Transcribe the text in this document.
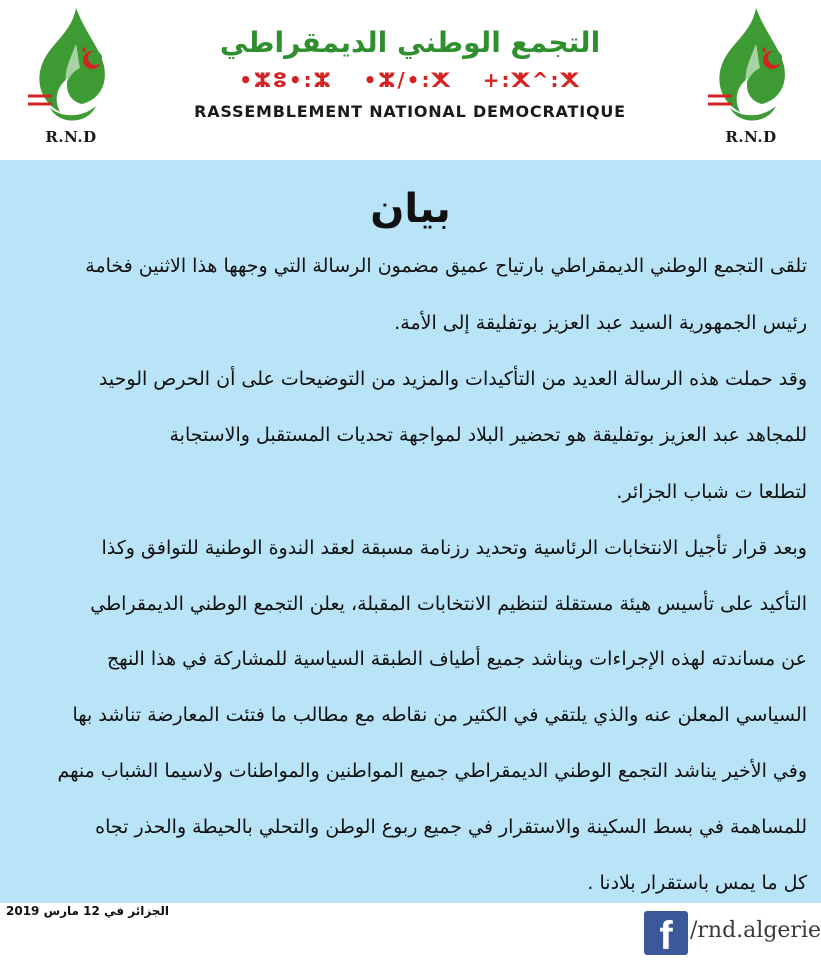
R.N.D	R.N.D
التجمع الوطني الديمقراطي
•ⵣⵓ•:ⵣ •ⵣ/•:ⵅ +:ⵅ^:ⵅ
RASSEMBLEMENT NATIONAL DEMOCRATIQUE
بيان
تلقى التجمع الوطني الديمقراطي بارتياح عميق مضمون الرسالة التي وجهها هذا الاثنين فخامة
رئيس الجمهورية السيد عبد العزيز بوتفليقة إلى الأمة.
وقد حملت هذه الرسالة العديد من التأكيدات والمزيد من التوضيحات على أن الحرص الوحيد
للمجاهد عبد العزيز بوتفليقة هو تحضير البلاد لمواجهة تحديات المستقبل والاستجابة
لتطلعا ت شباب الجزائر.
وبعد قرار تأجيل الانتخابات الرئاسية وتحديد رزنامة مسبقة لعقد الندوة الوطنية للتوافق وكذا
التأكيد على تأسيس هيئة مستقلة لتنظيم الانتخابات المقبلة، يعلن التجمع الوطني الديمقراطي
عن مساندته لهذه الإجراءات ويناشد جميع أطياف الطبقة السياسية للمشاركة في هذا النهج
السياسي المعلن عنه والذي يلتقي في الكثير من نقاطه مع مطالب ما فتئت المعارضة تناشد بها
وفي الأخير يناشد التجمع الوطني الديمقراطي جميع المواطنين والمواطنات ولاسيما الشباب منهم
للمساهمة في بسط السكينة والاستقرار في جميع ربوع الوطن والتحلي بالحيطة والحذر تجاه
كل ما يمس باستقرار بلادنا .
الجزائر في 12 مارس 2019
f /rnd.algerie
